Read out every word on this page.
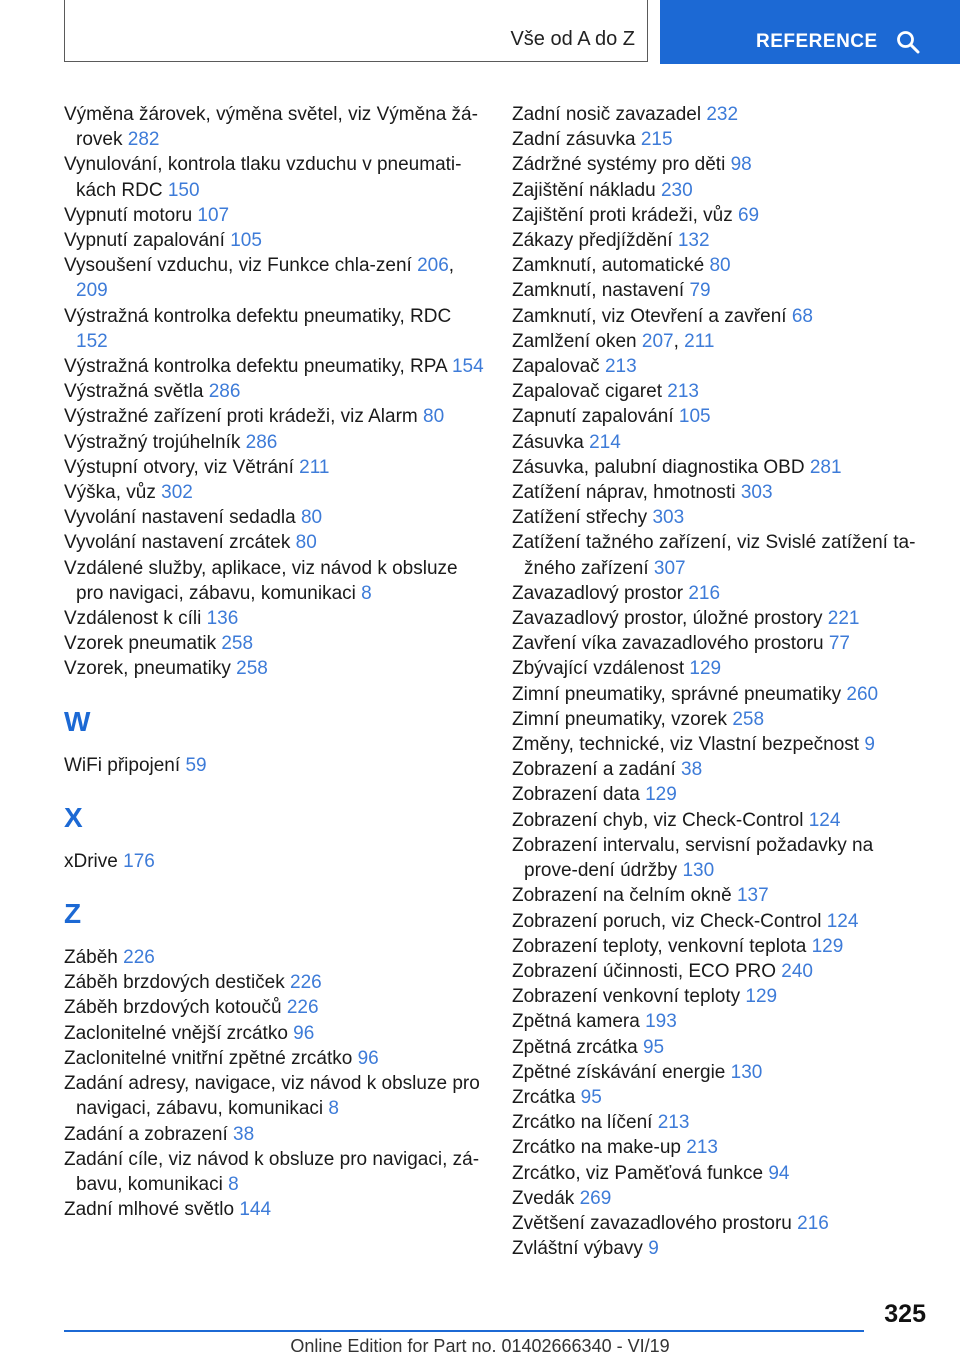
Vše od A do Z	REFERENCE

Výměna žárovek, výměna světel, viz Výměna žá-rovek 282

Vynulování, kontrola tlaku vzduchu v pneumati-kách RDC 150

Vypnutí motoru 107

Vypnutí zapalování 105

Vysoušení vzduchu, viz Funkce chla-zení 206, 209

Výstražná kontrolka defektu pneumatiky, RDC 152

Výstražná kontrolka defektu pneumatiky, RPA 154

Výstražná světla 286

Výstražné zařízení proti krádeži, viz Alarm 80

Výstražný trojúhelník 286

Výstupní otvory, viz Větrání 211

Výška, vůz 302

Vyvolání nastavení sedadla 80

Vyvolání nastavení zrcátek 80

Vzdálené služby, aplikace, viz návod k obsluze pro navigaci, zábavu, komunikaci 8

Vzdálenost k cíli 136

Vzorek pneumatik 258

Vzorek, pneumatiky 258

W

WiFi připojení 59

X

xDrive 176

Z

Záběh 226

Záběh brzdových destiček 226

Záběh brzdových kotoučů 226

Zaclonitelné vnější zrcátko 96

Zaclonitelné vnitřní zpětné zrcátko 96

Zadání adresy, navigace, viz návod k obsluze pro navigaci, zábavu, komunikaci 8

Zadání a zobrazení 38

Zadání cíle, viz návod k obsluze pro navigaci, zá-bavu, komunikaci 8

Zadní mlhové světlo 144

Zadní nosič zavazadel 232

Zadní zásuvka 215

Zádržné systémy pro děti 98

Zajištění nákladu 230

Zajištění proti krádeži, vůz 69

Zákazy předjíždění 132

Zamknutí, automatické 80

Zamknutí, nastavení 79

Zamknutí, viz Otevření a zavření 68

Zamlžení oken 207, 211

Zapalovač 213

Zapalovač cigaret 213

Zapnutí zapalování 105

Zásuvka 214

Zásuvka, palubní diagnostika OBD 281

Zatížení náprav, hmotnosti 303

Zatížení střechy 303

Zatížení tažného zařízení, viz Svislé zatížení ta-žného zařízení 307

Zavazadlový prostor 216

Zavazadlový prostor, úložné prostory 221

Zavření víka zavazadlového prostoru 77

Zbývající vzdálenost 129

Zimní pneumatiky, správné pneumatiky 260

Zimní pneumatiky, vzorek 258

Změny, technické, viz Vlastní bezpečnost 9

Zobrazení a zadání 38

Zobrazení data 129

Zobrazení chyb, viz Check-Control 124

Zobrazení intervalu, servisní požadavky na prove-dení údržby 130

Zobrazení na čelním okně 137

Zobrazení poruch, viz Check-Control 124

Zobrazení teploty, venkovní teplota 129

Zobrazení účinnosti, ECO PRO 240

Zobrazení venkovní teploty 129

Zpětná kamera 193

Zpětná zrcátka 95

Zpětné získávání energie 130

Zrcátka 95

Zrcátko na líčení 213

Zrcátko na make-up 213

Zrcátko, viz Paměťová funkce 94

Zvedák 269

Zvětšení zavazadlového prostoru 216

Zvláštní výbavy 9

325
Online Edition for Part no. 01402666340 - VI/19
